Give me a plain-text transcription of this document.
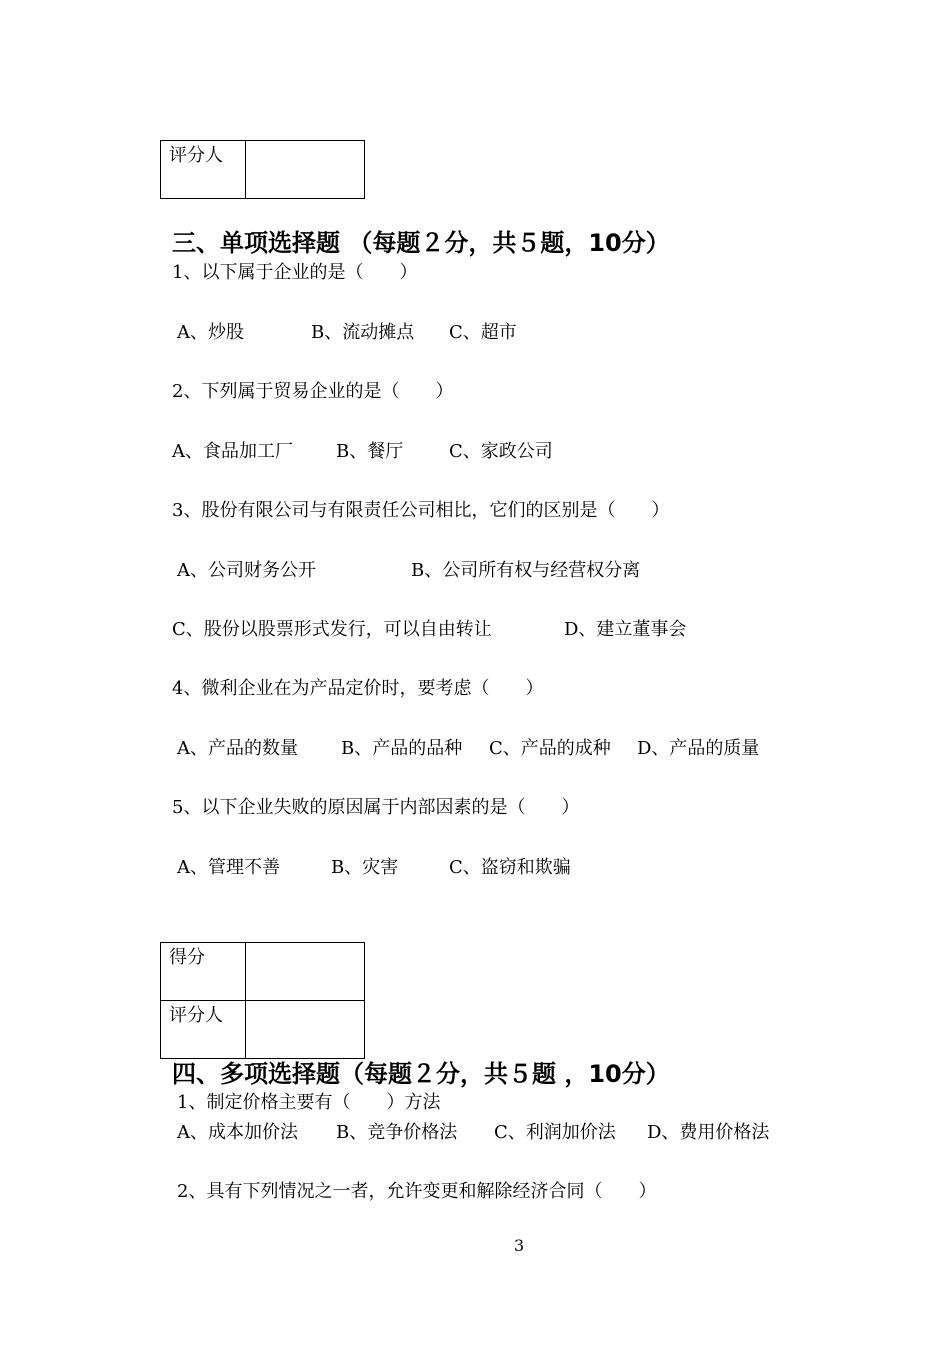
评分人	
三、单项选择题 （每题２分，共５题，10分）
1、以下属于企业的是（　　）
A、炒股	B、流动摊点 C、超市
2、下列属于贸易企业的是（　　）
A、食品加工厂 B、餐厅	C、家政公司
3、股份有限公司与有限责任公司相比，它们的区别是（　　）
A、公司财务公开	B、公司所有权与经营权分离
C、股份以股票形式发行，可以自由转让	D、建立董事会
4、微利企业在为产品定价时，要考虑（　　）
A、产品的数量 B、产品的品种 C、产品的成种 D、产品的质量
5、以下企业失败的原因属于内部因素的是（　　）
A、管理不善	B、灾害	C、盗窃和欺骗
得分	
评分人	
四、多项选择题（每题２分，共５题 ，10分）
1、制定价格主要有（　　）方法
A、成本加价法 B、竞争价格法 C、利润加价法 D、费用价格法
2、具有下列情况之一者，允许变更和解除经济合同（　　）
3
